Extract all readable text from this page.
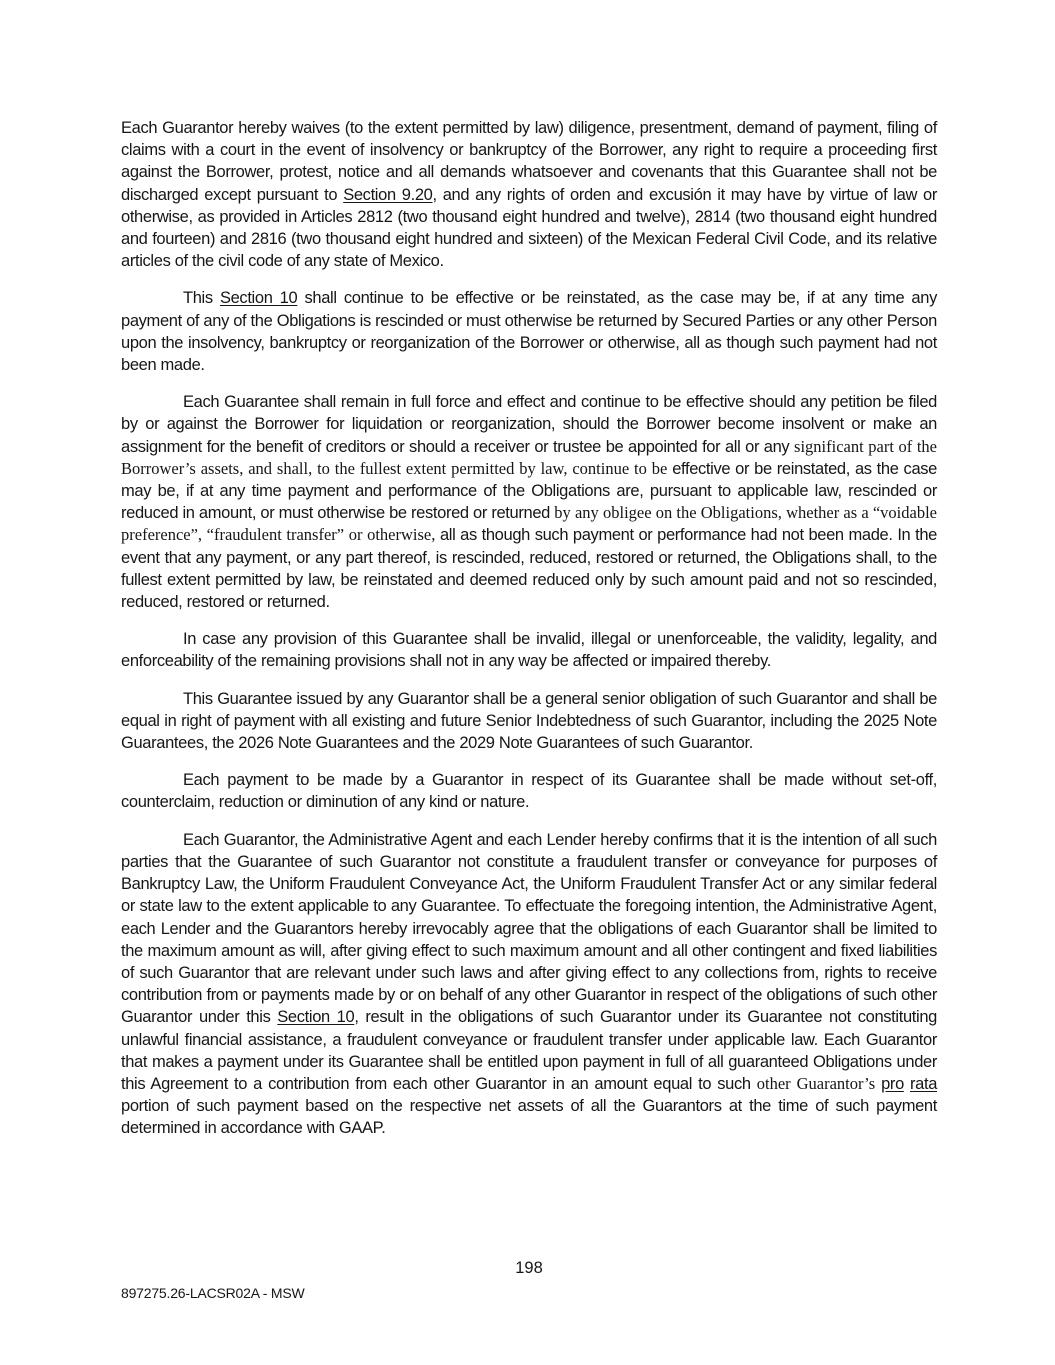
Each Guarantor hereby waives (to the extent permitted by law) diligence, presentment, demand of payment, filing of claims with a court in the event of insolvency or bankruptcy of the Borrower, any right to require a proceeding first against the Borrower, protest, notice and all demands whatsoever and covenants that this Guarantee shall not be discharged except pursuant to Section 9.20, and any rights of orden and excusión it may have by virtue of law or otherwise, as provided in Articles 2812 (two thousand eight hundred and twelve), 2814 (two thousand eight hundred and fourteen) and 2816 (two thousand eight hundred and sixteen) of the Mexican Federal Civil Code, and its relative articles of the civil code of any state of Mexico.

This Section 10 shall continue to be effective or be reinstated, as the case may be, if at any time any payment of any of the Obligations is rescinded or must otherwise be returned by Secured Parties or any other Person upon the insolvency, bankruptcy or reorganization of the Borrower or otherwise, all as though such payment had not been made.

Each Guarantee shall remain in full force and effect and continue to be effective should any petition be filed by or against the Borrower for liquidation or reorganization, should the Borrower become insolvent or make an assignment for the benefit of creditors or should a receiver or trustee be appointed for all or any significant part of the Borrower’s assets, and shall, to the fullest extent permitted by law, continue to be effective or be reinstated, as the case may be, if at any time payment and performance of the Obligations are, pursuant to applicable law, rescinded or reduced in amount, or must otherwise be restored or returned by any obligee on the Obligations, whether as a “voidable preference”, “fraudulent transfer” or otherwise, all as though such payment or performance had not been made. In the event that any payment, or any part thereof, is rescinded, reduced, restored or returned, the Obligations shall, to the fullest extent permitted by law, be reinstated and deemed reduced only by such amount paid and not so rescinded, reduced, restored or returned.

In case any provision of this Guarantee shall be invalid, illegal or unenforceable, the validity, legality, and enforceability of the remaining provisions shall not in any way be affected or impaired thereby.

This Guarantee issued by any Guarantor shall be a general senior obligation of such Guarantor and shall be equal in right of payment with all existing and future Senior Indebtedness of such Guarantor, including the 2025 Note Guarantees, the 2026 Note Guarantees and the 2029 Note Guarantees of such Guarantor.

Each payment to be made by a Guarantor in respect of its Guarantee shall be made without set-off, counterclaim, reduction or diminution of any kind or nature.

Each Guarantor, the Administrative Agent and each Lender hereby confirms that it is the intention of all such parties that the Guarantee of such Guarantor not constitute a fraudulent transfer or conveyance for purposes of Bankruptcy Law, the Uniform Fraudulent Conveyance Act, the Uniform Fraudulent Transfer Act or any similar federal or state law to the extent applicable to any Guarantee. To effectuate the foregoing intention, the Administrative Agent, each Lender and the Guarantors hereby irrevocably agree that the obligations of each Guarantor shall be limited to the maximum amount as will, after giving effect to such maximum amount and all other contingent and fixed liabilities of such Guarantor that are relevant under such laws and after giving effect to any collections from, rights to receive contribution from or payments made by or on behalf of any other Guarantor in respect of the obligations of such other Guarantor under this Section 10, result in the obligations of such Guarantor under its Guarantee not constituting unlawful financial assistance, a fraudulent conveyance or fraudulent transfer under applicable law. Each Guarantor that makes a payment under its Guarantee shall be entitled upon payment in full of all guaranteed Obligations under this Agreement to a contribution from each other Guarantor in an amount equal to such other Guarantor’s pro rata portion of such payment based on the respective net assets of all the Guarantors at the time of such payment determined in accordance with GAAP.

198
897275.26-LACSR02A - MSW
